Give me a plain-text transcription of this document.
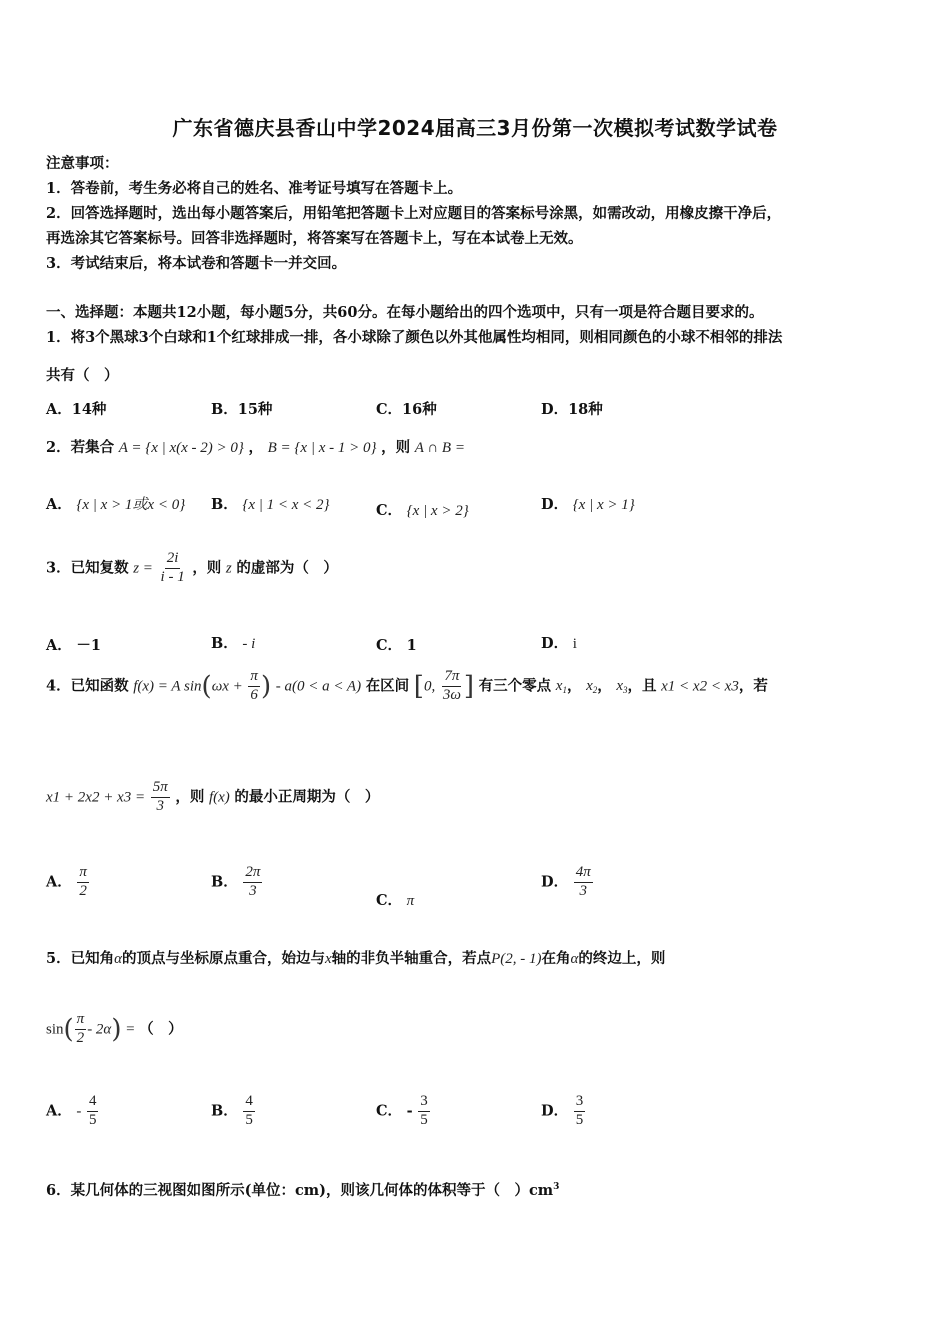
广东省德庆县香山中学2024届高三3月份第一次模拟考试数学试卷
注意事项：
1．答卷前，考生务必将自己的姓名、准考证号填写在答题卡上。
2．回答选择题时，选出每小题答案后，用铅笔把答题卡上对应题目的答案标号涂黑，如需改动，用橡皮擦干净后，
再选涂其它答案标号。回答非选择题时，将答案写在答题卡上，写在本试卷上无效。
3．考试结束后，将本试卷和答题卡一并交回。
一、选择题：本题共12小题，每小题5分，共60分。在每小题给出的四个选项中，只有一项是符合题目要求的。
1．将3个黑球3个白球和1个红球排成一排，各小球除了颜色以外其他属性均相同，则相同颜色的小球不相邻的排法
共有（　）
A．14种	B．15种	C．16种	D．18种
2．若集合 A = {x | x(x - 2) > 0} ， B = {x | x - 1 > 0} ，则 A ∩ B =
A． {x | x > 1或x < 0} B． {x | 1 < x < 2}	C． {x | x > 2}	D． {x | x > 1}
3．已知复数 $z = \frac{2i}{i - 1}$ ，则 z 的虚部为（　）
A． －1	B． - i	C． 1	D． i
4．已知函数 f(x) = A $\sin(\omega x + \frac{\pi}{6}$ ) - a(0 < a < A) 在区间 [0, $\frac{7\pi}{3\omega}$ ] 有三个零点 $x_1$， $x_2$， $x_3$，且 x1 < x2 < x3，若
$x1 + 2x2 + x3 = \frac{5\pi}{3}$ ，则 f(x) 的最小正周期为（　）
A． $\frac{\pi}{2}$	B． $\frac{2\pi}{3}$
C． π
D． $\frac{4\pi}{3}$
5．已知角α的顶点与坐标原点重合，始边与x轴的非负半轴重合，若点P(2, - 1)在角α的终边上，则
$\sin( \frac{\pi}{2} - 2\alpha)$ = （　）
A． - $\frac{4}{5}$	B． $\frac{4}{5}$	C． - $\frac{3}{5}$	D． $\frac{3}{5}$
6．某几何体的三视图如图所示(单位：cm)，则该几何体的体积等于（　）$cm^3$
